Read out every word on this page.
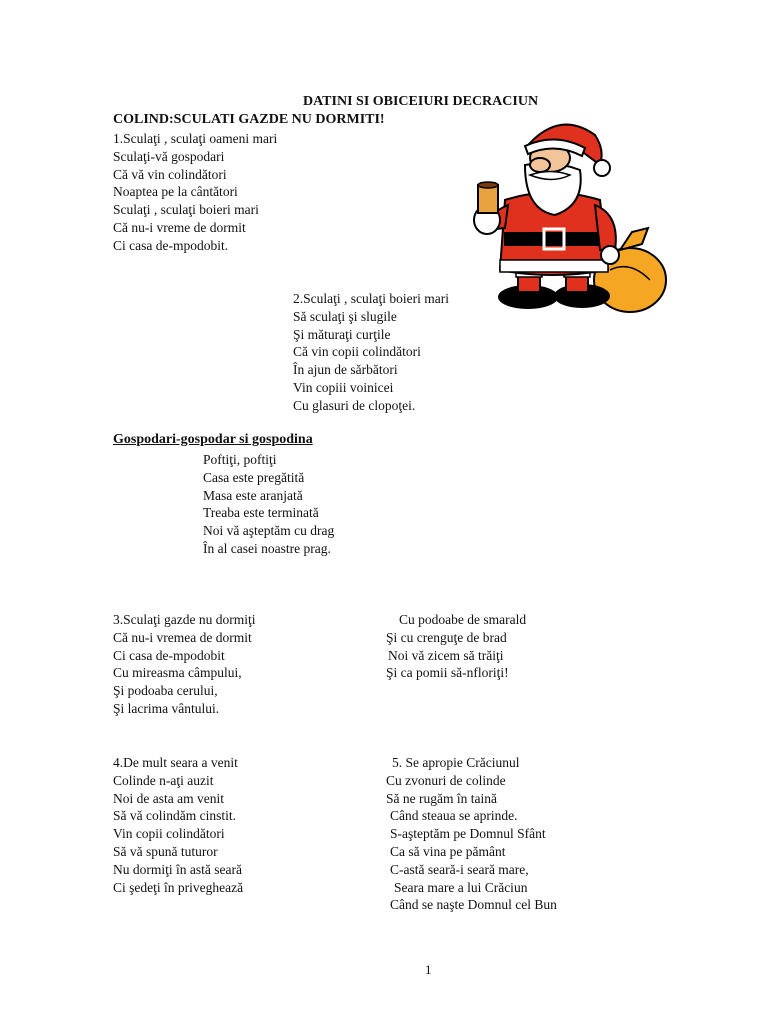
DATINI SI OBICEIURI DECRACIUN
COLIND:SCULATI GAZDE NU DORMITI!
1.Sculaţi , sculaţi oameni mari
Sculaţi-vă gospodari
Că vă vin colindători
Noaptea pe la cântători
Sculaţi , sculaţi boieri mari
Că nu-i vreme de dormit
Ci casa de-mpodobit.
2.Sculaţi , sculaţi boieri mari
Să sculaţi şi slugile
Şi măturaţi curţile
Că vin copii colindători
În ajun de sărbători
Vin copiii voinicei
Cu glasuri de clopoţei.
Gospodari-gospodar si gospodina
Poftiţi, poftiţi
Casa este pregătită
Masa este aranjată
Treaba este terminată
Noi vă aşteptăm cu drag
În al casei noastre prag.
3.Sculaţi gazde nu dormiţi
Că nu-i vremea de dormit
Ci casa de-mpodobit
Cu mireasma câmpului,
Şi podoaba cerului,
Şi lacrima vântului.
Cu podoabe de smarald
Şi cu crenguţe de brad
Noi vă zicem să trăiţi
Şi ca pomii să-nfloriţi!
4.De mult seara a venit
Colinde n-aţi auzit
Noi de asta am venit
Să vă colindăm cinstit.
Vin copii colindători
Să vă spună tuturor
Nu dormiţi în astă seară
Ci şedeţi în priveghează
5. Se apropie Crăciunul
Cu zvonuri de colinde
Să ne rugăm în taină
Când steaua se aprinde.
S-aşteptăm pe Domnul Sfânt
Ca să vina pe pământ
C-astă seară-i seară mare,
Seara mare a lui Crăciun
Când se naşte Domnul cel Bun
1
